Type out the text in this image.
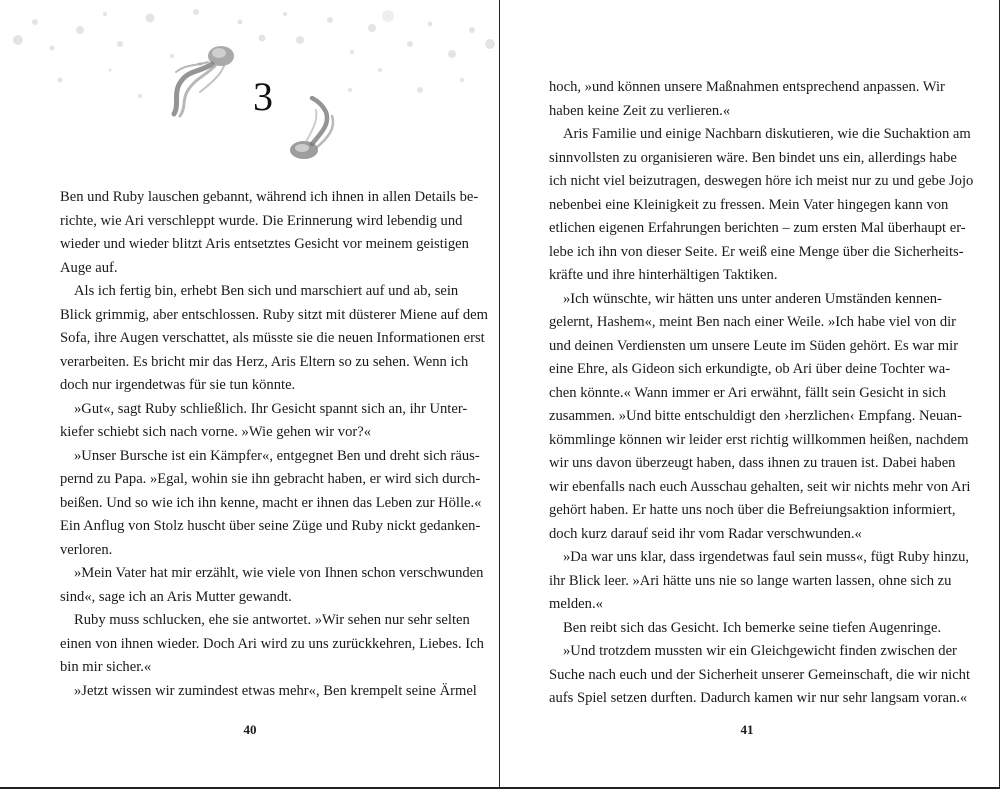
3
Ben und Ruby lauschen gebannt, während ich ihnen in allen Details be-
richte, wie Ari verschleppt wurde. Die Erinnerung wird lebendig und
wieder und wieder blitzt Aris entsetztes Gesicht vor meinem geistigen
Auge auf.
Als ich fertig bin, erhebt Ben sich und marschiert auf und ab, sein
Blick grimmig, aber entschlossen. Ruby sitzt mit düsterer Miene auf dem
Sofa, ihre Augen verschattet, als müsste sie die neuen Informationen erst
verarbeiten. Es bricht mir das Herz, Aris Eltern so zu sehen. Wenn ich
doch nur irgendetwas für sie tun könnte.
»Gut«, sagt Ruby schließlich. Ihr Gesicht spannt sich an, ihr Unter-
kiefer schiebt sich nach vorne. »Wie gehen wir vor?«
»Unser Bursche ist ein Kämpfer«, entgegnet Ben und dreht sich räus-
pernd zu Papa. »Egal, wohin sie ihn gebracht haben, er wird sich durch-
beißen. Und so wie ich ihn kenne, macht er ihnen das Leben zur Hölle.«
Ein Anflug von Stolz huscht über seine Züge und Ruby nickt gedanken-
verloren.
»Mein Vater hat mir erzählt, wie viele von Ihnen schon verschwunden
sind«, sage ich an Aris Mutter gewandt.
Ruby muss schlucken, ehe sie antwortet. »Wir sehen nur sehr selten
einen von ihnen wieder. Doch Ari wird zu uns zurückkehren, Liebes. Ich
bin mir sicher.«
»Jetzt wissen wir zumindest etwas mehr«, Ben krempelt seine Ärmel
40
hoch, »und können unsere Maßnahmen entsprechend anpassen. Wir
haben keine Zeit zu verlieren.«
Aris Familie und einige Nachbarn diskutieren, wie die Suchaktion am
sinnvollsten zu organisieren wäre. Ben bindet uns ein, allerdings habe
ich nicht viel beizutragen, deswegen höre ich meist nur zu und gebe Jojo
nebenbei eine Kleinigkeit zu fressen. Mein Vater hingegen kann von
etlichen eigenen Erfahrungen berichten – zum ersten Mal überhaupt er-
lebe ich ihn von dieser Seite. Er weiß eine Menge über die Sicherheits-
kräfte und ihre hinterhältigen Taktiken.
»Ich wünschte, wir hätten uns unter anderen Umständen kennen-
gelernt, Hashem«, meint Ben nach einer Weile. »Ich habe viel von dir
und deinen Verdiensten um unsere Leute im Süden gehört. Es war mir
eine Ehre, als Gideon sich erkundigte, ob Ari über deine Tochter wa-
chen könnte.« Wann immer er Ari erwähnt, fällt sein Gesicht in sich
zusammen. »Und bitte entschuldigt den ›herzlichen‹ Empfang. Neuan-
kömmlinge können wir leider erst richtig willkommen heißen, nachdem
wir uns davon überzeugt haben, dass ihnen zu trauen ist. Dabei haben
wir ebenfalls nach euch Ausschau gehalten, seit wir nichts mehr von Ari
gehört haben. Er hatte uns noch über die Befreiungsaktion informiert,
doch kurz darauf seid ihr vom Radar verschwunden.«
»Da war uns klar, dass irgendetwas faul sein muss«, fügt Ruby hinzu,
ihr Blick leer. »Ari hätte uns nie so lange warten lassen, ohne sich zu
melden.«
Ben reibt sich das Gesicht. Ich bemerke seine tiefen Augenringe.
»Und trotzdem mussten wir ein Gleichgewicht finden zwischen der
Suche nach euch und der Sicherheit unserer Gemeinschaft, die wir nicht
aufs Spiel setzen durften. Dadurch kamen wir nur sehr langsam voran.«
41
